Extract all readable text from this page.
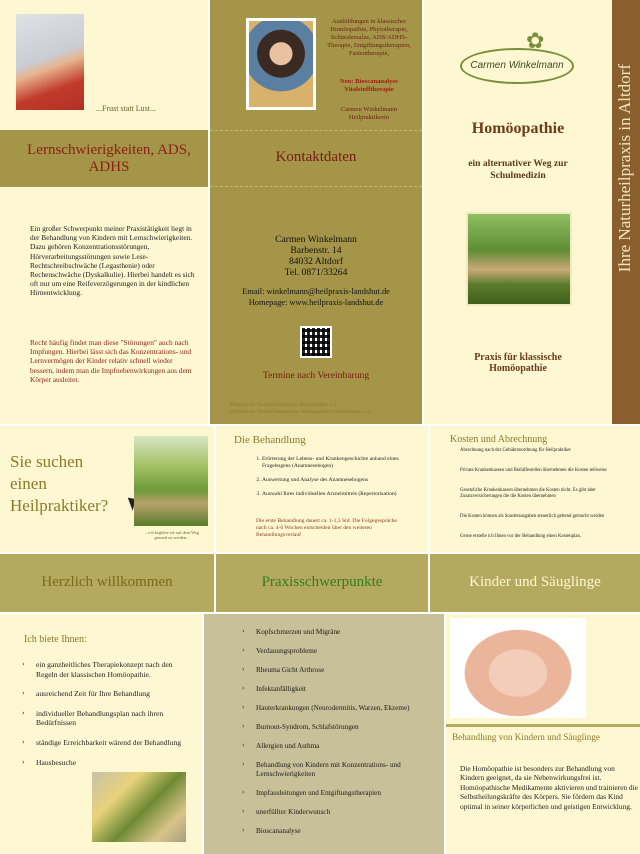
...Frust statt Lust...
Lernschwierigkeiten, ADS, ADHS
Ein großer Schwerpunkt meiner Praxistätigkeit liegt in der Behandlung von Kindern mit Lernschwierigkeiten. Dazu gehören Konzentrationsstörungen, Hörverarbeitungsstörungen sowie Lese- Rechtschreibschwäche (Legasthenie) oder Rechenschwäche (Dyskalkulie). Hierbei handelt es sich oft nur um eine Reifeverzögerungen in der kindlichen Hirnentwicklung.
Recht häufig findet man diese "Störungen" auch nach Impfungen. Hierbei lässt sich das Konzentrations- und Lernvermögen der Kinder relativ schnell wieder bessern, indem man die Impfnebenwirkungen aus dem Körper ausleitet.
Ausbildungen in klassischer Homöopathie, Phytotherapie, Schüsslersalze, ADS/ADHS-Therapie, Entgiftungstherapien, Fastentherapie,
Neu: Bioscananalyse Vitalstofftherapie
Carmen Winkelmann Heilpraktikerin
Kontaktdaten
Carmen Winkelmann
Barbenstr. 14
84032 Altdorf
Tel. 0871/33264
Email: winkelmann@heilpraxis-landshut.de
Homepage: www.heilpraxis-landshut.de
Termine nach Vereinbarung
Mitglied im Verband Deutscher Heilpraktiker e.V.
Mitglied im Verband klassischer Homöopathen Deutschlands e.V.
✿
Carmen Winkelmann
Homöopathie
ein alternativer Weg zur Schulmedizin
Praxis für klassische Homöopathie
Ihre Naturheilpraxis in Altdorf
Sie suchen
einen
Heilpraktiker?
...ich begleite sie auf dem Weg gesund zu werden...
Die Behandlung
1. Erörterung der Lebens- und Krankengeschichte anhand eines Fragebogens (Anamnesebogen)
2. Auswertung und Analyse des Anamnesebogens
3. Auswahl Ihres individuellen Arzneimittels (Repertorisation)
Die erste Behandlung dauert ca. 1-1,5 Std. Die Folgegespräche nach ca. 4-6 Wochen entscheiden über den weiteren Behandlungsverlauf
Kosten und Abrechnung
Abrechnung nach der Gebührenordnung für Heilpraktiker
Private Krankenkassen und Beihilfestellen übernehmen die Kosten teilweise
Gesetzliche Krankenkassen übernehmen die Kosten nicht. Es gibt aber Zusatzversicherungen die die Kosten übernehmen
Die Kosten können als Sonderausgaben steuerlich geltend gemacht werden
Gerne erstelle ich Ihnen vor der Behandlung einen Kostenplan.
Herzlich willkommen	Praxisschwerpunkte	Kinder und Säuglinge
Ich biete Ihnen:
› ein ganzheitliches Therapiekonzept nach den Regeln der klassischen Homöopathie.
› ausreichend Zeit für Ihre Behandlung
› individueller Behandlungsplan nach ihren Bedürfnissen
› ständige Erreichbarkeit wärend der Behandlung
› Hausbesuche
› Kopfschmerzen und Migräne
› Verdauungsprobleme
› Rheuma Gicht Arthrose
› Infektanfälligkeit
› Hauterkrankungen (Neurodermitis, Warzen, Ekzeme)
› Burnout-Syndrom, Schlafstörungen
› Allergien und Asthma
› Behandlung von Kindern mit Konzentrations- und Lernschwierigkeiten
› Impfausleitungen und Entgiftungstherapien
› unerfüllter Kinderwunsch
› Bioscananalyse
Behandlung von Kindern und Säuglinge
Die Homöopathie ist besonders zur Behandlung von Kindern geeignet, da sie Nebenwirkungsfrei ist. Homöopathische Medikamente aktivieren und trainieren die Selbstheilungskräfte des Körpers. Sie fördern das Kind optimal in seiner körperlichen und geistigen Entwicklung.
